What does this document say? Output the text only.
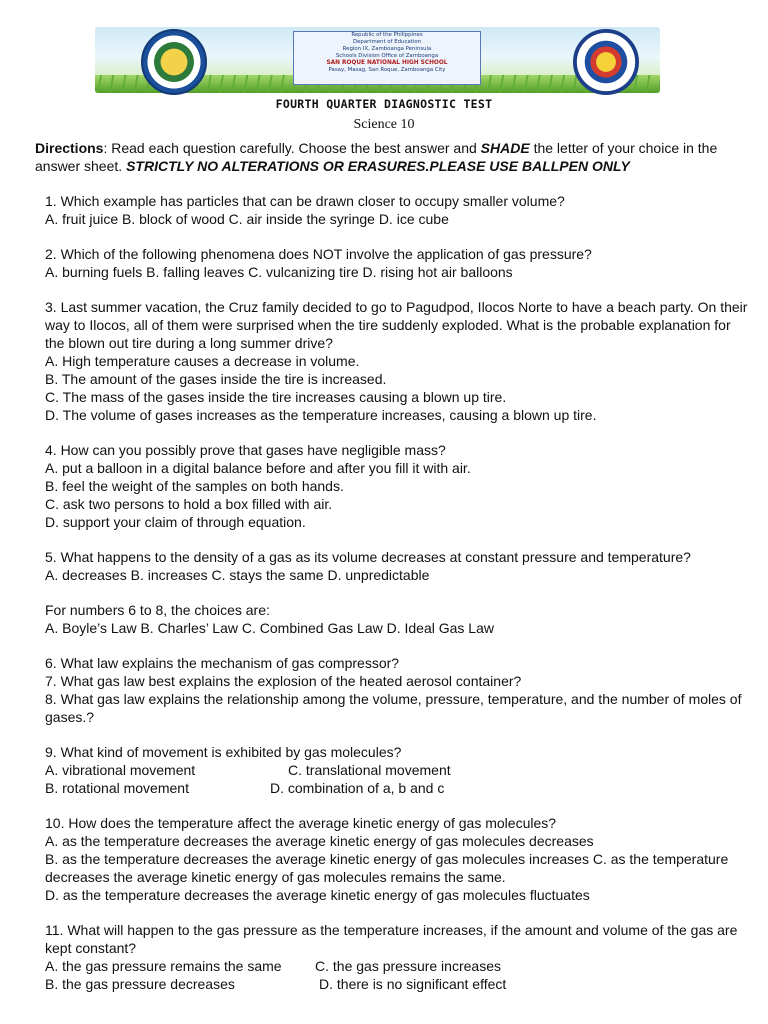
Republic of the Philippines
Department of Education
Region IX, Zamboanga Peninsula
Schools Division Office of Zamboanga
SAN ROQUE NATIONAL HIGH SCHOOL
Pasay, Masag, San Roque, Zamboanga City
FOURTH QUARTER DIAGNOSTIC TEST
Science 10

Directions: Read each question carefully. Choose the best answer and SHADE the letter of your choice in the answer sheet. STRICTLY NO ALTERATIONS OR ERASURES.PLEASE USE BALLPEN ONLY

1. Which example has particles that can be drawn closer to occupy smaller volume?

A. fruit juice B. block of wood C. air inside the syringe D. ice cube

2. Which of the following phenomena does NOT involve the application of gas pressure?

A. burning fuels B. falling leaves C. vulcanizing tire D. rising hot air balloons

3. Last summer vacation, the Cruz family decided to go to Pagudpod, Ilocos Norte to have a beach party. On their way to Ilocos, all of them were surprised when the tire suddenly exploded. What is the probable explanation for the blown out tire during a long summer drive?

A. High temperature causes a decrease in volume.

B. The amount of the gases inside the tire is increased.

C. The mass of the gases inside the tire increases causing a blown up tire.

D. The volume of gases increases as the temperature increases, causing a blown up tire.

4. How can you possibly prove that gases have negligible mass?

A. put a balloon in a digital balance before and after you fill it with air.

B. feel the weight of the samples on both hands.

C. ask two persons to hold a box filled with air.

D. support your claim of through equation.

5. What happens to the density of a gas as its volume decreases at constant pressure and temperature?

A. decreases B. increases C. stays the same D. unpredictable

For numbers 6 to 8, the choices are:

A. Boyle’s Law B. Charles’ Law C. Combined Gas Law D. Ideal Gas Law

6. What law explains the mechanism of gas compressor?

7. What gas law best explains the explosion of the heated aerosol container?

8. What gas law explains the relationship among the volume, pressure, temperature, and the number of moles of gases.?

9. What kind of movement is exhibited by gas molecules?

A. vibrational movement	C. translational movement
B. rotational movement	D. combination of a, b and c

10. How does the temperature affect the average kinetic energy of gas molecules?

A. as the temperature decreases the average kinetic energy of gas molecules decreases

B. as the temperature decreases the average kinetic energy of gas molecules increases C. as the temperature decreases the average kinetic energy of gas molecules remains the same.

D. as the temperature decreases the average kinetic energy of gas molecules fluctuates

11. What will happen to the gas pressure as the temperature increases, if the amount and volume of the gas are kept constant?

A. the gas pressure remains the same C. the gas pressure increases
B. the gas pressure decreases	D. there is no significant effect
